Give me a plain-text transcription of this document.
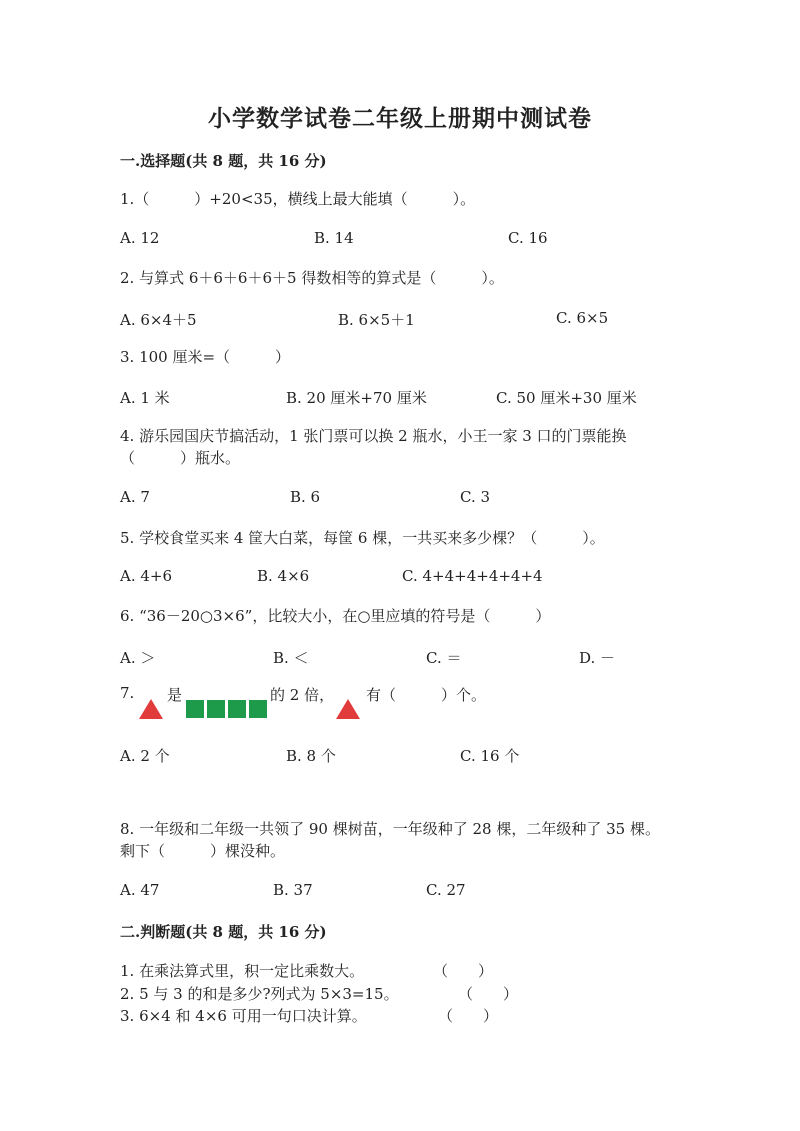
小学数学试卷二年级上册期中测试卷
一.选择题(共 8 题，共 16 分)
1.（　　　）+20<35，横线上最大能填（　　　）。
A. 12	B. 14	C. 16
2. 与算式 6＋6＋6＋6＋5 得数相等的算式是（　　　）。
A. 6×4＋5	B. 6×5＋1	C. 6×5
3. 100 厘米=（　　　）
A. 1 米	B. 20 厘米+70 厘米	C. 50 厘米+30 厘米
4. 游乐园国庆节搞活动，1 张门票可以换 2 瓶水，小王一家 3 口的门票能换
（　　　）瓶水。
A. 7	B. 6	C. 3
5. 学校食堂买来 4 筐大白菜，每筐 6 棵，一共买来多少棵？（　　　）。
A. 4+6	B. 4×6	C. 4+4+4+4+4+4
6. “36－20○3×6”，比较大小，在○里应填的符号是（　　　）
A. ＞	B. ＜	C. ＝	D. －
7. 是	的 2 倍， 有（　　　）个。
A. 2 个	B. 8 个	C. 16 个
8. 一年级和二年级一共领了 90 棵树苗，一年级种了 28 棵，二年级种了 35 棵。
剩下（　　　）棵没种。
A. 47	B. 37	C. 27
二.判断题(共 8 题，共 16 分)
1. 在乘法算式里，积一定比乘数大。	（　　）
2. 5 与 3 的和是多少?列式为 5×3=15。	（　　）
3. 6×4 和 4×6 可用一句口决计算。	（　　）
